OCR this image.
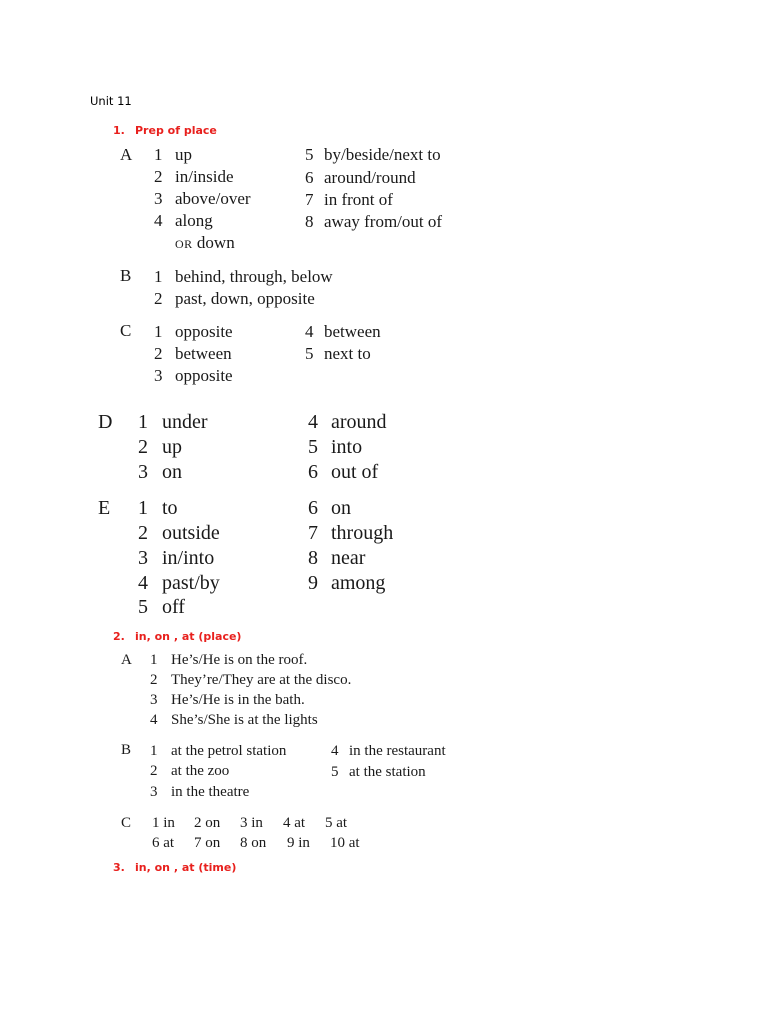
Unit 11
1. Prep of place
A 1 up
2 in/inside
3 above/over
4 along
OR down
5 by/beside/next to
6 around/round
7 in front of
8 away from/out of
B 1 behind, through, below
2 past, down, opposite
C 1 opposite
2 between
3 opposite
4 between
5 next to
D 1 under
2 up
3 on
4 around
5 into
6 out of
E 1 to
2 outside
3 in/into
4 past/by
5 off
6 on
7 through
8 near
9 among
2. in, on , at (place)
A 1 He’s/He is on the roof.
2 They’re/They are at the disco.
3 He’s/He is in the bath.
4 She’s/She is at the lights
B 1 at the petrol station
2 at the zoo
3 in the theatre
4 in the restaurant
5 at the station
C 1 in 2 on 3 in 4 at 5 at
6 at 7 on 8 on 9 in 10 at
3. in, on , at (time)
